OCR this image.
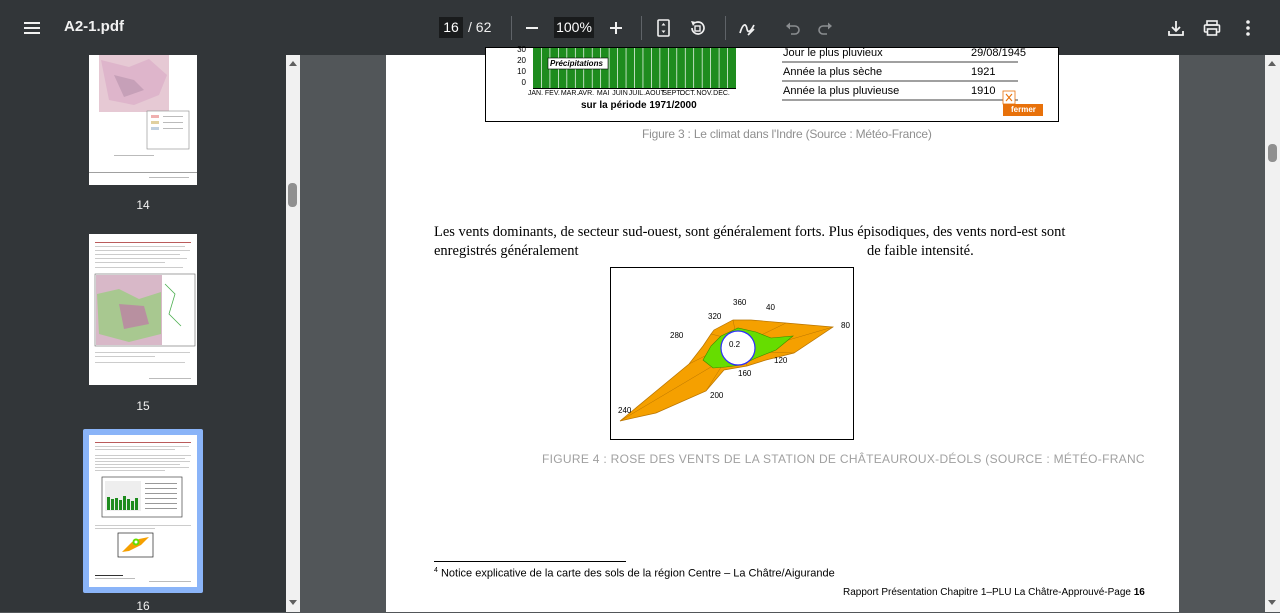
A2-1.pdf	16 / 62	100%
14
15
16
30
20
10
0
Précipitations
JAN. FEV. MAR. AVR. MAI JUIN JUIL. AOUT
SEPT.
OCT. NOV. DEC.
sur la période 1971/2000
Jour le plus pluvieux	29/08/1945
Année la plus sèche	1921
Année la plus pluvieuse	1910
fermer
Figure 3 : Le climat dans l'Indre (Source : Météo-France)
Les vents dominants, de secteur sud-ouest, sont généralement forts. Plus épisodiques, des vents nord-est sont
enregistrés généralement	de faible intensité.
0.2
360
40
80
120
160
200
240
280
320
FIGURE 4 : ROSE DES VENTS DE LA STATION DE CHÂTEAUROUX-DÉOLS (SOURCE : MÉTÉO-FRANC
$^4$ Notice explicative de la carte des sols de la région Centre – La Châtre/Aigurande
Rapport Présentation Chapitre 1–PLU La Châtre-Approuvé-Page 16
